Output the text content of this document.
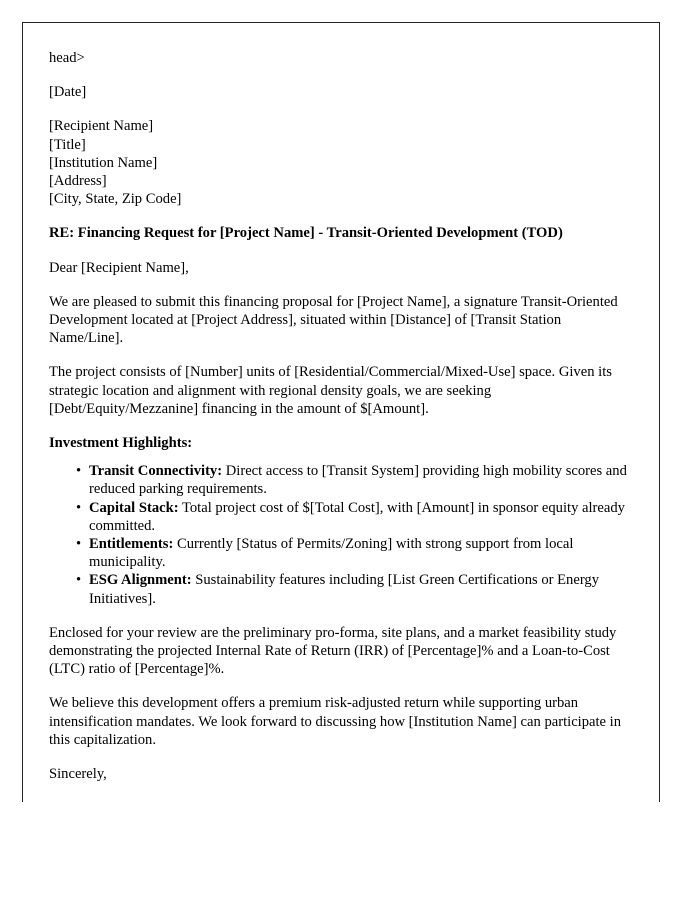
head>

[Date]

[Recipient Name]

[Title]

[Institution Name]

[Address]

[City, State, Zip Code]

RE: Financing Request for [Project Name] - Transit-Oriented Development (TOD)

Dear [Recipient Name],

We are pleased to submit this financing proposal for [Project Name], a signature Transit-Oriented Development located at [Project Address], situated within [Distance] of [Transit Station Name/Line].

The project consists of [Number] units of [Residential/Commercial/Mixed-Use] space. Given its strategic location and alignment with regional density goals, we are seeking [Debt/Equity/Mezzanine] financing in the amount of $[Amount].

Investment Highlights:

• Transit Connectivity: Direct access to [Transit System] providing high mobility scores and reduced parking requirements.
• Capital Stack: Total project cost of $[Total Cost], with [Amount] in sponsor equity already committed.
• Entitlements: Currently [Status of Permits/Zoning] with strong support from local municipality.
• ESG Alignment: Sustainability features including [List Green Certifications or Energy Initiatives].

Enclosed for your review are the preliminary pro-forma, site plans, and a market feasibility study demonstrating the projected Internal Rate of Return (IRR) of [Percentage]% and a Loan-to-Cost (LTC) ratio of [Percentage]%.

We believe this development offers a premium risk-adjusted return while supporting urban intensification mandates. We look forward to discussing how [Institution Name] can participate in this capitalization.

Sincerely,
